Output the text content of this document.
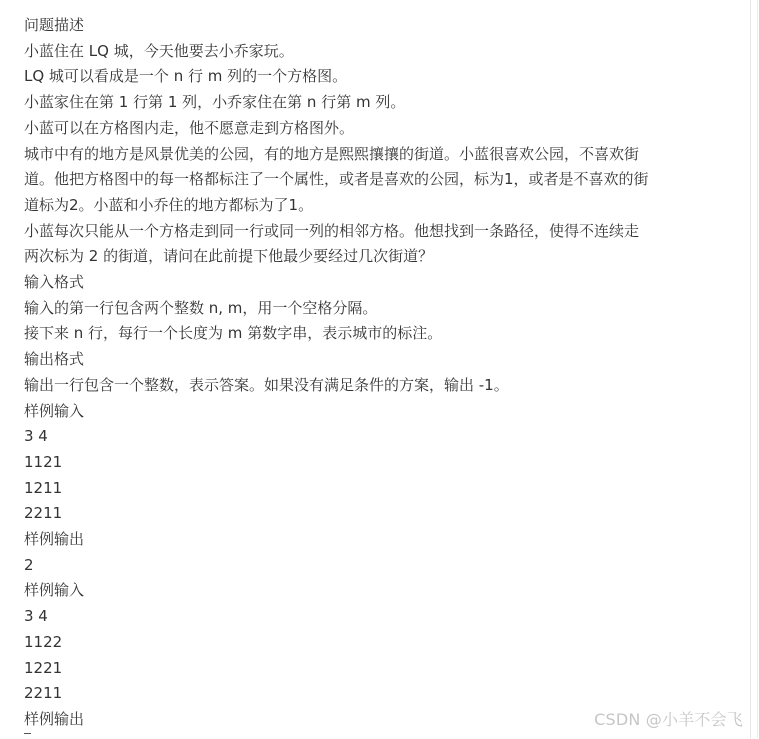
问题描述
小蓝住在 LQ 城，今天他要去小乔家玩。
LQ 城可以看成是一个 n 行 m 列的一个方格图。
小蓝家住在第 1 行第 1 列，小乔家住在第 n 行第 m 列。
小蓝可以在方格图内走，他不愿意走到方格图外。
城市中有的地方是风景优美的公园，有的地方是熙熙攘攘的街道。小蓝很喜欢公园，不喜欢街
道。他把方格图中的每一格都标注了一个属性，或者是喜欢的公园，标为1，或者是不喜欢的街
道标为2。小蓝和小乔住的地方都标为了1。
小蓝每次只能从一个方格走到同一行或同一列的相邻方格。他想找到一条路径，使得不连续走
两次标为 2 的街道，请问在此前提下他最少要经过几次街道？
输入格式
输入的第一行包含两个整数 n, m，用一个空格分隔。
接下来 n 行，每行一个长度为 m 第数字串，表示城市的标注。
输出格式
输出一行包含一个整数，表示答案。如果没有满足条件的方案，输出 -1。
样例输入
3 4
1121
1211
2211
样例输出
2
样例输入
3 4
1122
1221
2211
样例输出	CSDN @小羊不会飞
